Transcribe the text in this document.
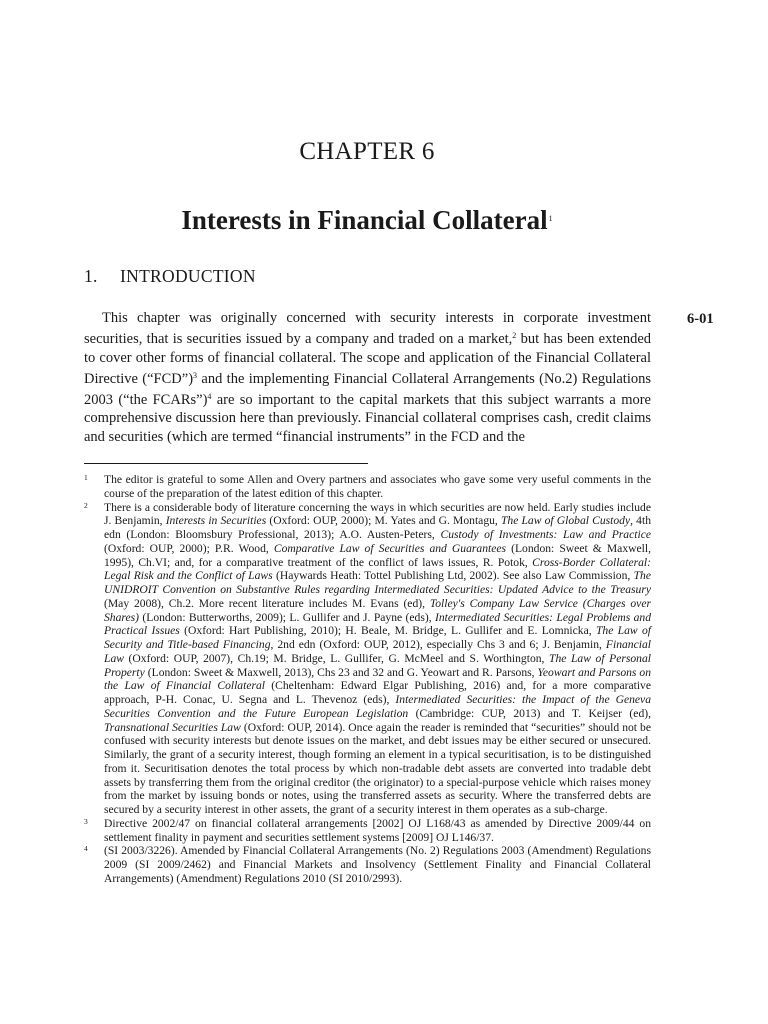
CHAPTER 6
Interests in Financial Collateral$^1$
1. INTRODUCTION
6-01

This chapter was originally concerned with security interests in corporate investment securities, that is securities issued by a company and traded on a market,$^2$ but has been extended to cover other forms of financial collateral. The scope and application of the Financial Collateral Directive (“FCD”)$^3$ and the implementing Financial Collateral Arrangements (No.2) Regulations 2003 (“the FCARs”)$^4$ are so important to the capital markets that this subject warrants a more comprehensive discussion here than previously. Financial collateral comprises cash, credit claims and securities (which are termed “financial instruments” in the FCD and the

1 The editor is grateful to some Allen and Overy partners and associates who gave some very useful comments in the course of the preparation of the latest edition of this chapter.
2 There is a considerable body of literature concerning the ways in which securities are now held. Early studies include J. Benjamin, Interests in Securities (Oxford: OUP, 2000); M. Yates and G. Montagu, The Law of Global Custody, 4th edn (London: Bloomsbury Professional, 2013); A.O. Austen-Peters, Custody of Investments: Law and Practice (Oxford: OUP, 2000); P.R. Wood, Comparative Law of Securities and Guarantees (London: Sweet & Maxwell, 1995), Ch.VI; and, for a comparative treatment of the conflict of laws issues, R. Potok, Cross-Border Collateral: Legal Risk and the Conflict of Laws (Haywards Heath: Tottel Publishing Ltd, 2002). See also Law Commission, The UNIDROIT Convention on Substantive Rules regarding Intermediated Securities: Updated Advice to the Treasury (May 2008), Ch.2. More recent literature includes M. Evans (ed), Tolley's Company Law Service (Charges over Shares) (London: Butterworths, 2009); L. Gullifer and J. Payne (eds), Intermediated Securities: Legal Problems and Practical Issues (Oxford: Hart Publishing, 2010); H. Beale, M. Bridge, L. Gullifer and E. Lomnicka, The Law of Security and Title-based Financing, 2nd edn (Oxford: OUP, 2012), especially Chs 3 and 6; J. Benjamin, Financial Law (Oxford: OUP, 2007), Ch.19; M. Bridge, L. Gullifer, G. McMeel and S. Worthington, The Law of Personal Property (London: Sweet & Maxwell, 2013), Chs 23 and 32 and G. Yeowart and R. Parsons, Yeowart and Parsons on the Law of Financial Collateral (Cheltenham: Edward Elgar Publishing, 2016) and, for a more comparative approach, P-H. Conac, U. Segna and L. Thevenoz (eds), Intermediated Securities: the Impact of the Geneva Securities Convention and the Future European Legislation (Cambridge: CUP, 2013) and T. Keijser (ed), Transnational Securities Law (Oxford: OUP, 2014). Once again the reader is reminded that “securities” should not be confused with security interests but denote issues on the market, and debt issues may be either secured or unsecured. Similarly, the grant of a security interest, though forming an element in a typical securitisation, is to be distinguished from it. Securitisation denotes the total process by which non-tradable debt assets are converted into tradable debt assets by transferring them from the original creditor (the originator) to a special-purpose vehicle which raises money from the market by issuing bonds or notes, using the transferred assets as security. Where the transferred debts are secured by a security interest in other assets, the grant of a security interest in them operates as a sub-charge.
3 Directive 2002/47 on financial collateral arrangements [2002] OJ L168/43 as amended by Directive 2009/44 on settlement finality in payment and securities settlement systems [2009] OJ L146/37.
4 (SI 2003/3226). Amended by Financial Collateral Arrangements (No. 2) Regulations 2003 (Amendment) Regulations 2009 (SI 2009/2462) and Financial Markets and Insolvency (Settlement Finality and Financial Collateral Arrangements) (Amendment) Regulations 2010 (SI 2010/2993).
